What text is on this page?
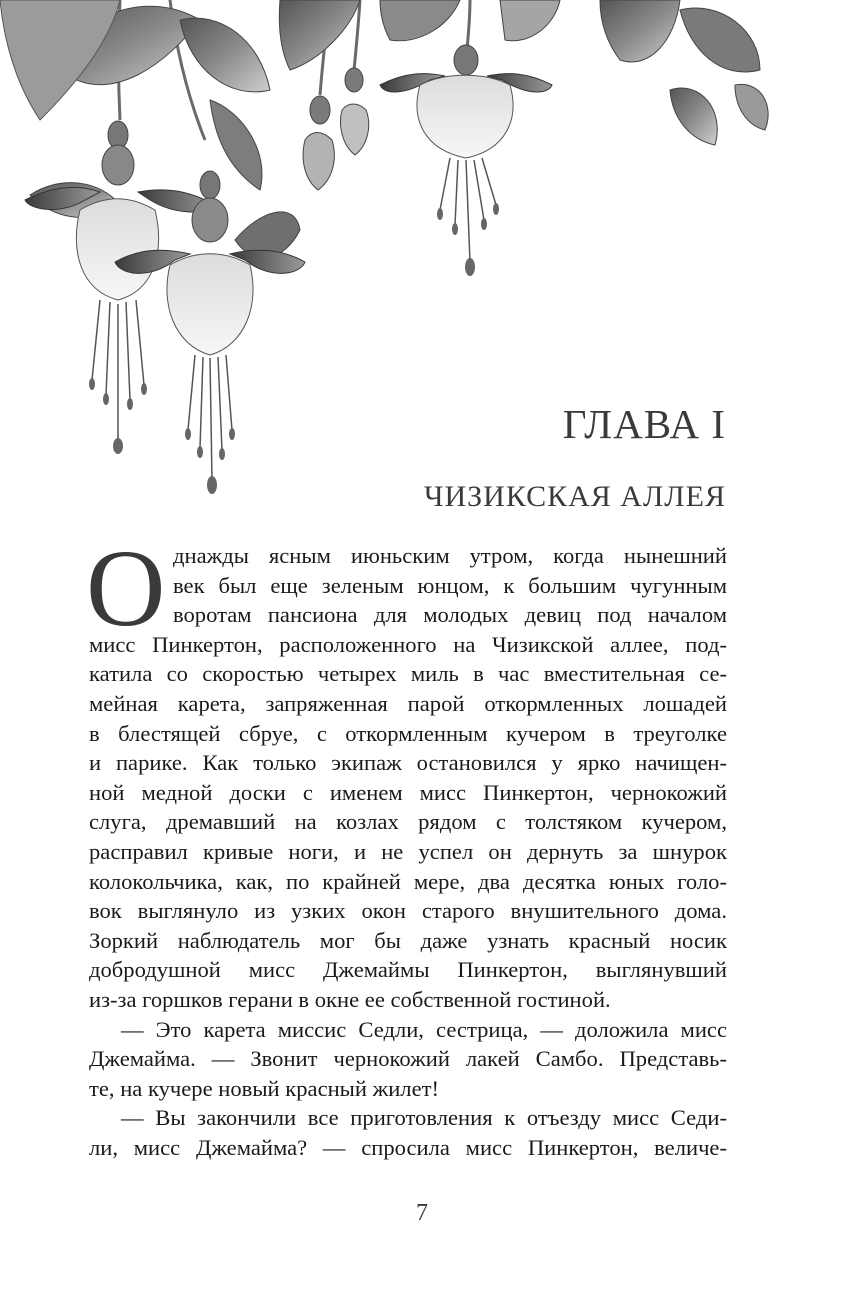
ГЛАВА I
ЧИЗИКСКАЯ АЛЛЕЯ
О днажды ясным июньским утром, когда нынешний
век был еще зеленым юнцом, к большим чугунным
воротам пансиона для молодых девиц под началом
мисс Пинкертон, расположенного на Чизикской аллее, под-
катила со скоростью четырех миль в час вместительная се-
мейная карета, запряженная парой откормленных лошадей
в блестящей сбруе, с откормленным кучером в треуголке
и парике. Как только экипаж остановился у ярко начищен-
ной медной доски с именем мисс Пинкертон, чернокожий
слуга, дремавший на козлах рядом с толстяком кучером,
расправил кривые ноги, и не успел он дернуть за шнурок
колокольчика, как, по крайней мере, два десятка юных голо-
вок выглянуло из узких окон старого внушительного дома.
Зоркий наблюдатель мог бы даже узнать красный носик
добродушной мисс Джемаймы Пинкертон, выглянувший
из-за горшков герани в окне ее собственной гостиной.
— Это карета миссис Седли, сестрица, — доложила мисс
Джемайма. — Звонит чернокожий лакей Самбо. Представь-
те, на кучере новый красный жилет!
— Вы закончили все приготовления к отъезду мисс Седи-
ли, мисс Джемайма? — спросила мисс Пинкертон, величе-
7
